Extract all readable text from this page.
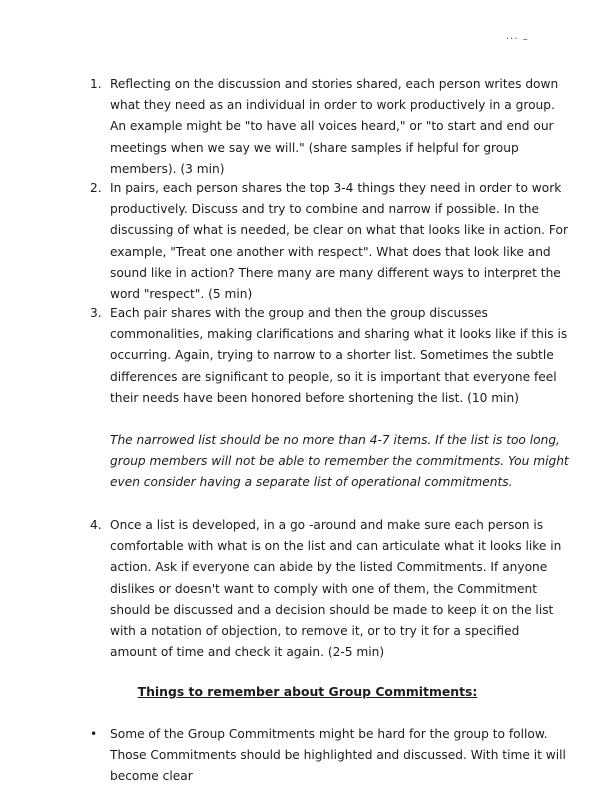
··· –
1. Reflecting on the discussion and stories shared, each person writes down what they need as an individual in order to work productively in a group. An example might be "to have all voices heard," or "to start and end our meetings when we say we will." (share samples if helpful for group members). (3 min)
2. In pairs, each person shares the top 3-4 things they need in order to work productively. Discuss and try to combine and narrow if possible. In the discussing of what is needed, be clear on what that looks like in action. For example, "Treat one another with respect". What does that look like and sound like in action? There many are many different ways to interpret the word "respect". (5 min)
3. Each pair shares with the group and then the group discusses commonalities, making clarifications and sharing what it looks like if this is occurring. Again, trying to narrow to a shorter list. Sometimes the subtle differences are significant to people, so it is important that everyone feel their needs have been honored before shortening the list. (10 min)
The narrowed list should be no more than 4-7 items. If the list is too long, group members will not be able to remember the commitments. You might even consider having a separate list of operational commitments.
4. Once a list is developed, in a go -around and make sure each person is comfortable with what is on the list and can articulate what it looks like in action. Ask if everyone can abide by the listed Commitments. If anyone dislikes or doesn't want to comply with one of them, the Commitment should be discussed and a decision should be made to keep it on the list with a notation of objection, to remove it, or to try it for a specified amount of time and check it again. (2-5 min)
Things to remember about Group Commitments:
•	Some of the Group Commitments might be hard for the group to follow. Those Commitments should be highlighted and discussed. With time it will become clear
